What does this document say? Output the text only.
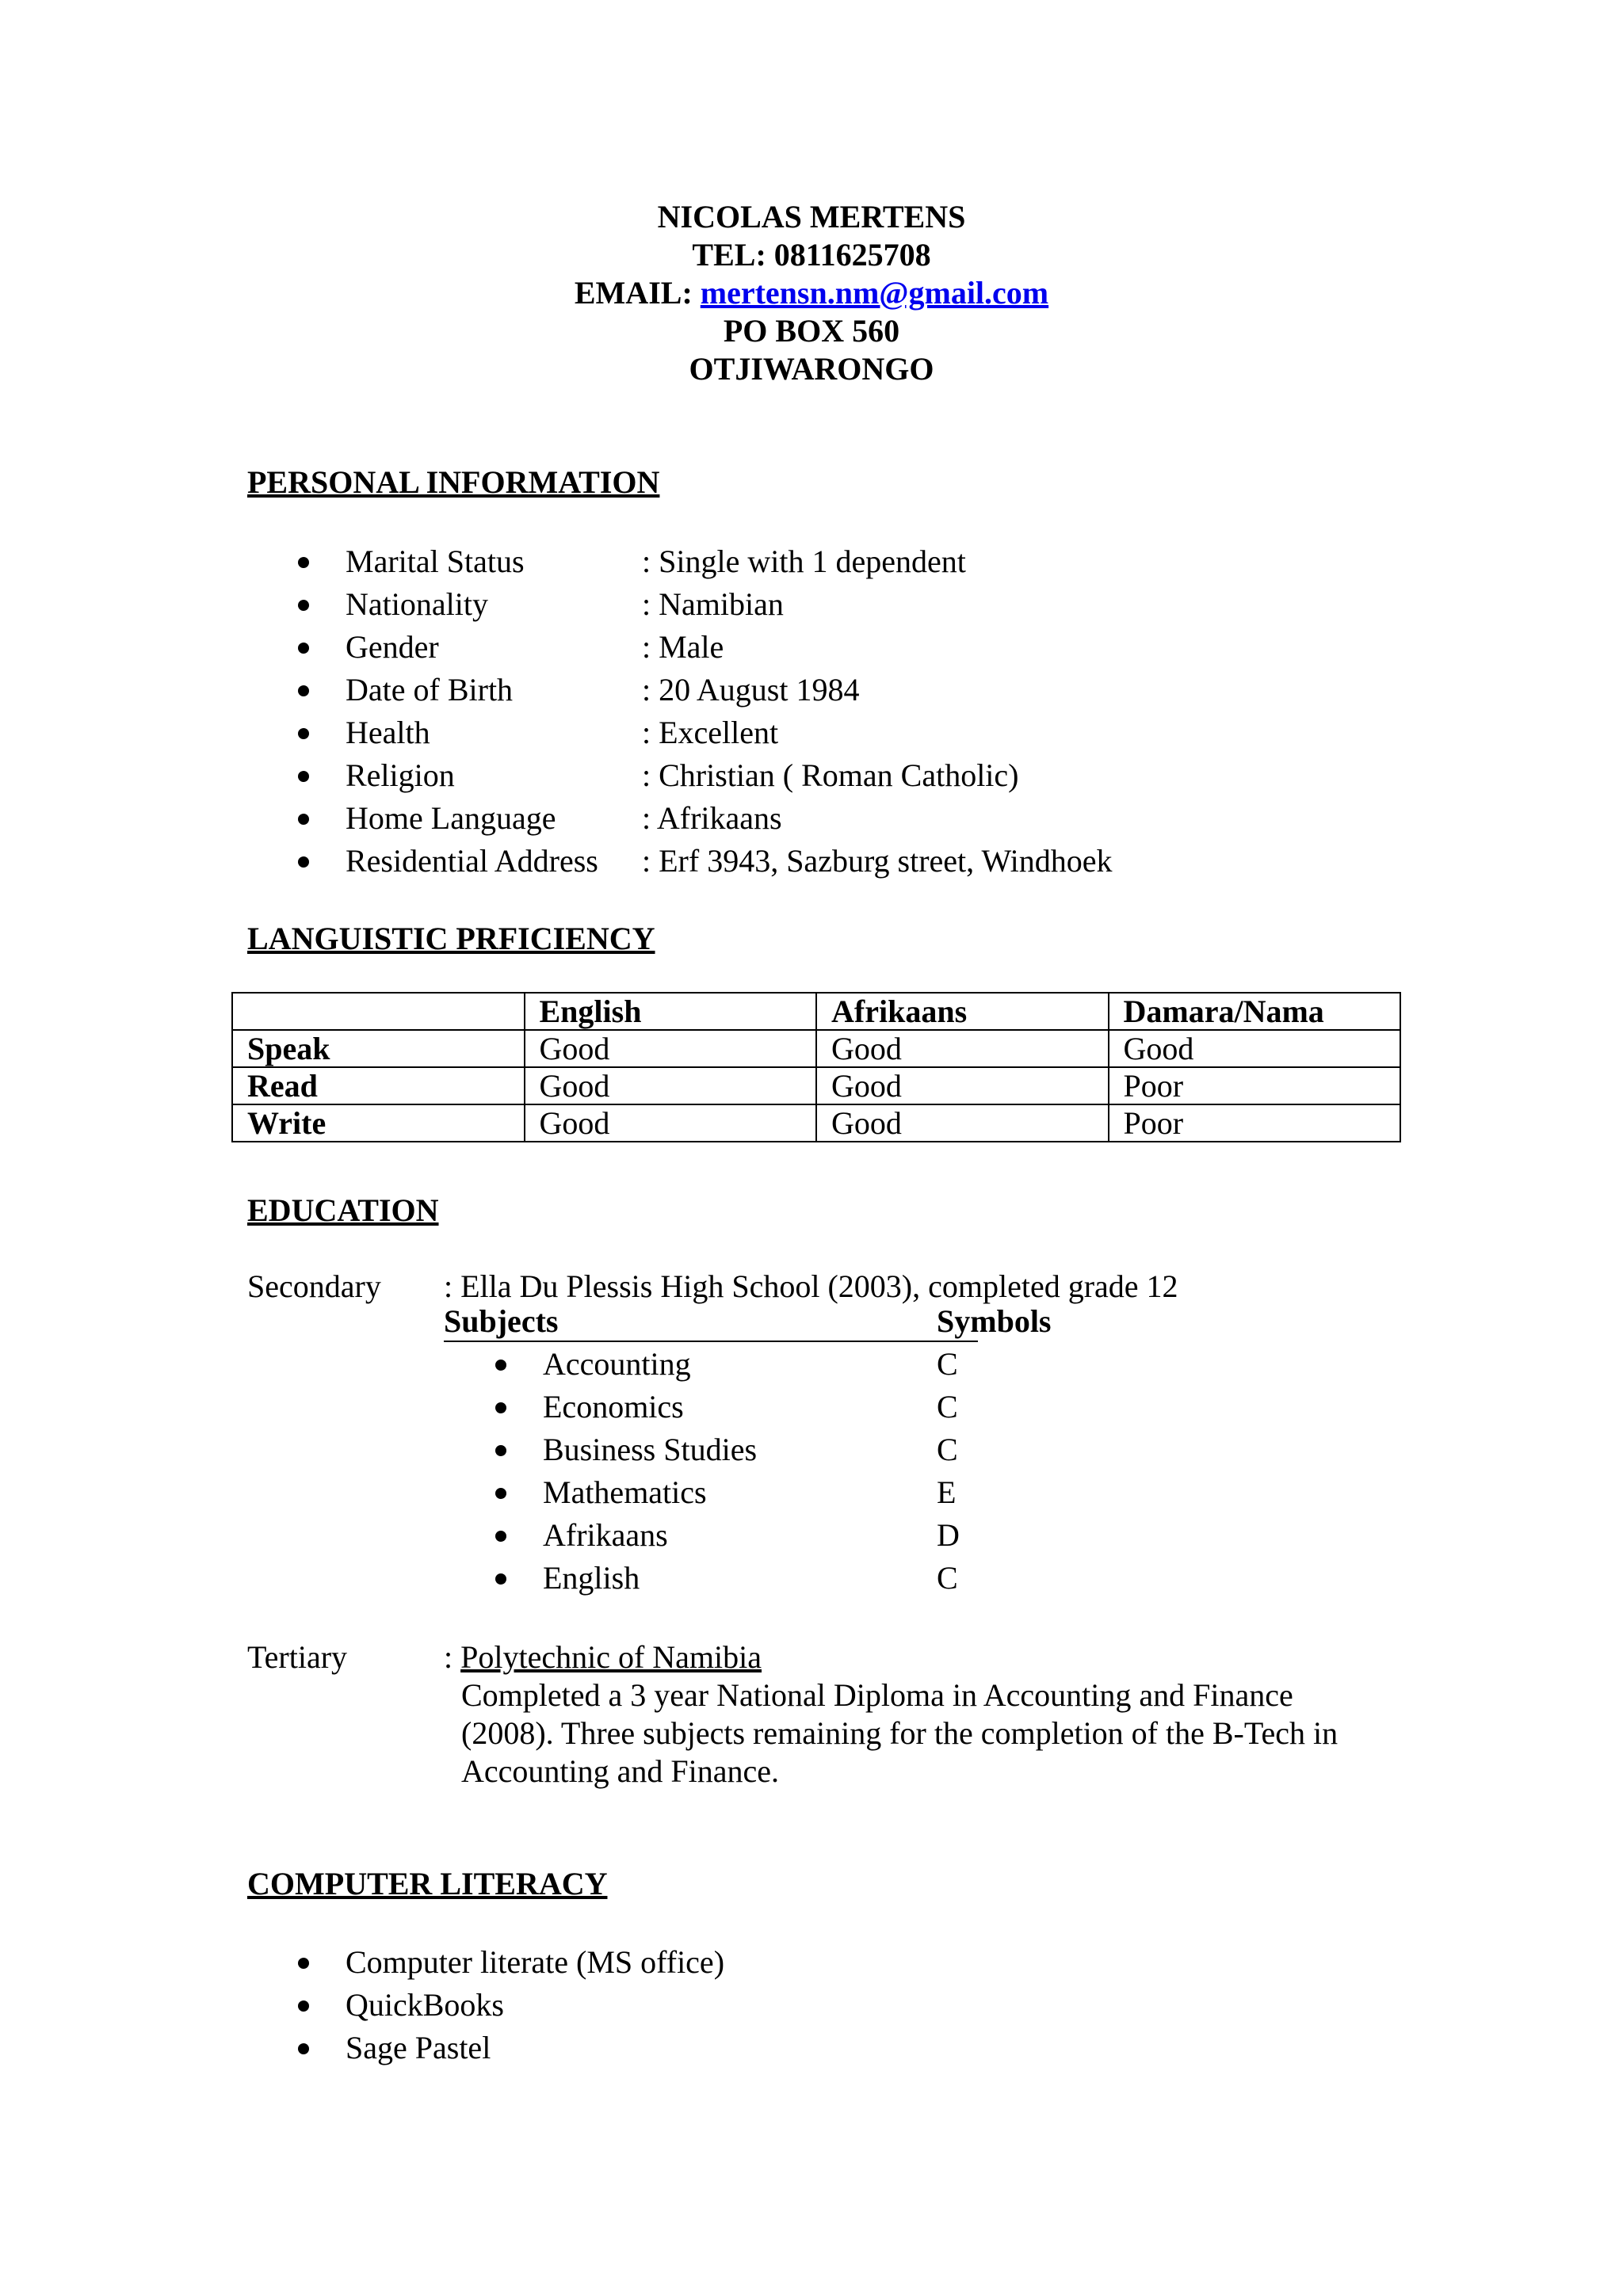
NICOLAS MERTENS
TEL: 0811625708
EMAIL: mertensn.nm@gmail.com
PO BOX 560
OTJIWARONGO
PERSONAL INFORMATION
Marital Status	: Single with 1 dependent
Nationality	: Namibian
Gender	: Male
Date of Birth	: 20 August 1984
Health	: Excellent
Religion	: Christian ( Roman Catholic)
Home Language	: Afrikaans
Residential Address : Erf 3943, Sazburg street, Windhoek
LANGUISTIC PRFICIENCY
	English	Afrikaans	Damara/Nama
Speak	Good	Good	Good
Read	Good	Good	Poor
Write	Good	Good	Poor
EDUCATION
Secondary : Ella Du Plessis High School (2003), completed grade 12
Subjects	Symbols
Accounting	C
Economics	C
Business Studies	C
Mathematics	E
Afrikaans	D
English	C
Tertiary	: Polytechnic of Namibia
Completed a 3 year National Diploma in Accounting and Finance
(2008). Three subjects remaining for the completion of the B-Tech in
Accounting and Finance.
COMPUTER LITERACY
Computer literate (MS office)
QuickBooks
Sage Pastel
